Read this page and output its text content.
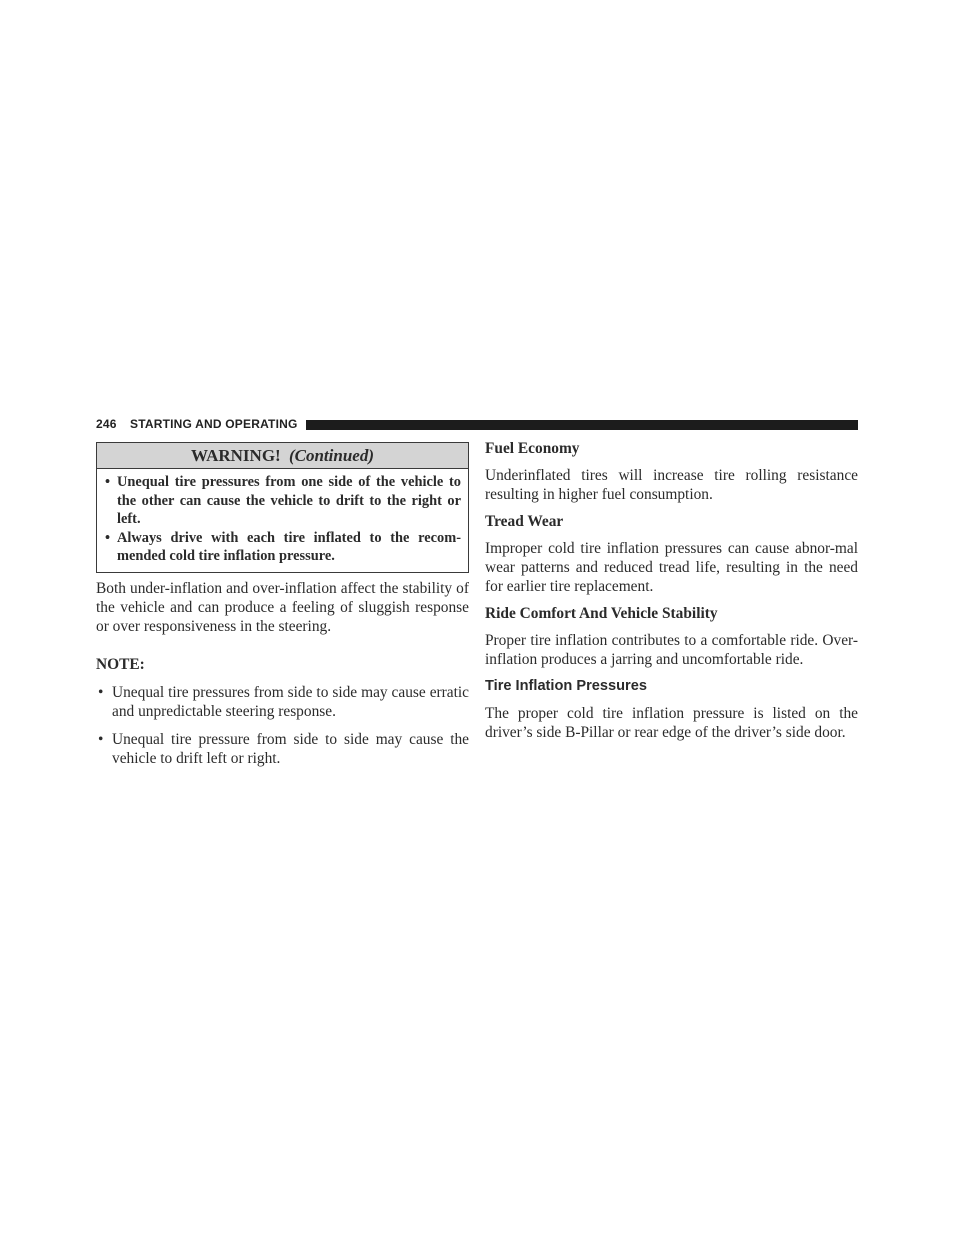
246 STARTING AND OPERATING
WARNING! (Continued)
• Unequal tire pressures from one side of the vehicle to the other can cause the vehicle to drift to the right or left.
• Always drive with each tire inflated to the recom-mended cold tire inflation pressure.

Both under-inflation and over-inflation affect the stability of the vehicle and can produce a feeling of sluggish response or over responsiveness in the steering.

NOTE:
• Unequal tire pressures from side to side may cause erratic and unpredictable steering response.
• Unequal tire pressure from side to side may cause the vehicle to drift left or right.
Fuel Economy

Underinflated tires will increase tire rolling resistance resulting in higher fuel consumption.

Tread Wear

Improper cold tire inflation pressures can cause abnor-mal wear patterns and reduced tread life, resulting in the need for earlier tire replacement.

Ride Comfort And Vehicle Stability

Proper tire inflation contributes to a comfortable ride. Over-inflation produces a jarring and uncomfortable ride.

Tire Inflation Pressures

The proper cold tire inflation pressure is listed on the driver’s side B-Pillar or rear edge of the driver’s side door.
